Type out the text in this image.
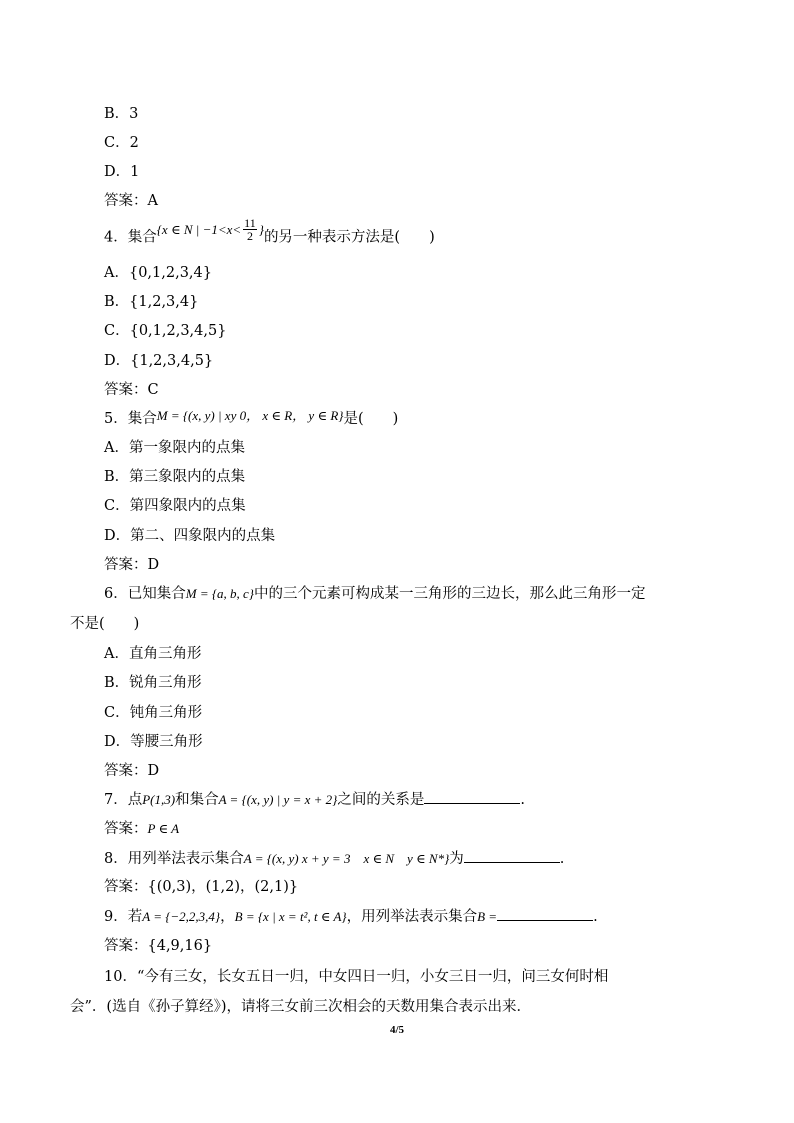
B．3
C．2
D．1
答案：A
4．集合{x ∈ N | $-1<x< \frac{11}{2}$ }的另一种表示方法是(　　)
A．{0,1,2,3,4}
B．{1,2,3,4}
C．{0,1,2,3,4,5}
D．{1,2,3,4,5}
答案：C
5．集合M = {(x, y) | xy 0， x ∈ R， y ∈ R}是(　　)
A．第一象限内的点集
B．第三象限内的点集
C．第四象限内的点集
D．第二、四象限内的点集
答案：D
6．已知集合M = {a, b, c}中的三个元素可构成某一三角形的三边长，那么此三角形一定
不是(　　)
A．直角三角形
B．锐角三角形
C．钝角三角形
D．等腰三角形
答案：D
7．点P(1,3)和集合A = {(x, y) | y = x + 2}之间的关系是	.
答案：P ∈ A
8．用列举法表示集合A = {(x, y) x + y = 3　x ∈ N　y ∈ N*}为	.
答案：{(0,3)，(1,2)，(2,1)}
9．若A = {−2,2,3,4}，B = {x | x = t², t ∈ A}，用列举法表示集合B =	.
答案：{4,9,16}
10．“今有三女，长女五日一归，中女四日一归，小女三日一归，问三女何时相
会”．(选自《孙子算经》)，请将三女前三次相会的天数用集合表示出来．
4/5
